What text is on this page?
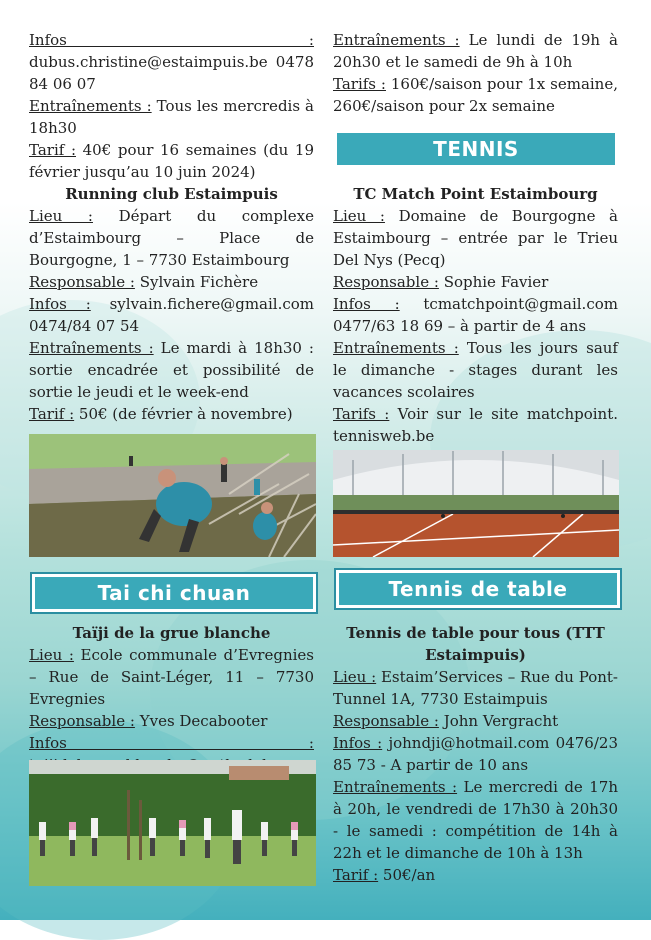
Infos : dubus.christine@estaimpuis.be 0478 84 06 07

Entraînements : Tous les mercredis à 18h30

Tarif : 40€ pour 16 semaines (du 19 février jusqu’au 10 juin 2024)

Running club Estaimpuis

Lieu : Départ du complexe d’Estaimbourg – Place de Bourgogne, 1 – 7730 Estaimbourg

Responsable : Sylvain Fichère

Infos : sylvain.fichere@gmail.com 0474/84 07 54

Entraînements : Le mardi à 18h30 : sortie encadrée et possibilité de sortie le jeudi et le week-end

Tarif : 50€ (de février à novembre)

Tai chi chuan

Taïji de la grue blanche

Lieu : Ecole communale d’Evregnies – Rue de Saint-Léger, 11 – 7730 Evregnies

Responsable : Yves Decabooter

Infos :

Entraînements : Le lundi de 19h à 20h30 et le samedi de 9h à 10h

Tarifs : 160€/saison pour 1x semaine, 260€/saison pour 2x semaine

TENNIS

TC Match Point Estaimbourg

Lieu : Domaine de Bourgogne à Estaimbourg – entrée par le Trieu Del Nys (Pecq)

Responsable : Sophie Favier

Infos : tcmatchpoint@gmail.com 0477/63 18 69 – à partir de 4 ans

Entraînements : Tous les jours sauf le dimanche - stages durant les vacances scolaires

Tarifs : Voir sur le site matchpoint. tennisweb.be

Tennis de table

Tennis de table pour tous (TTT Estaimpuis)

Lieu : Estaim’Services – Rue du Pont-Tunnel 1A, 7730 Estaimpuis

Responsable : John Vergracht

Infos : johndji@hotmail.com 0476/23 85 73 - A partir de 10 ans

Entraînements : Le mercredi de 17h à 20h, le vendredi de 17h30 à 20h30 - le samedi : compétition de 14h à 22h et le dimanche de 10h à 13h

Tarif : 50€/an
